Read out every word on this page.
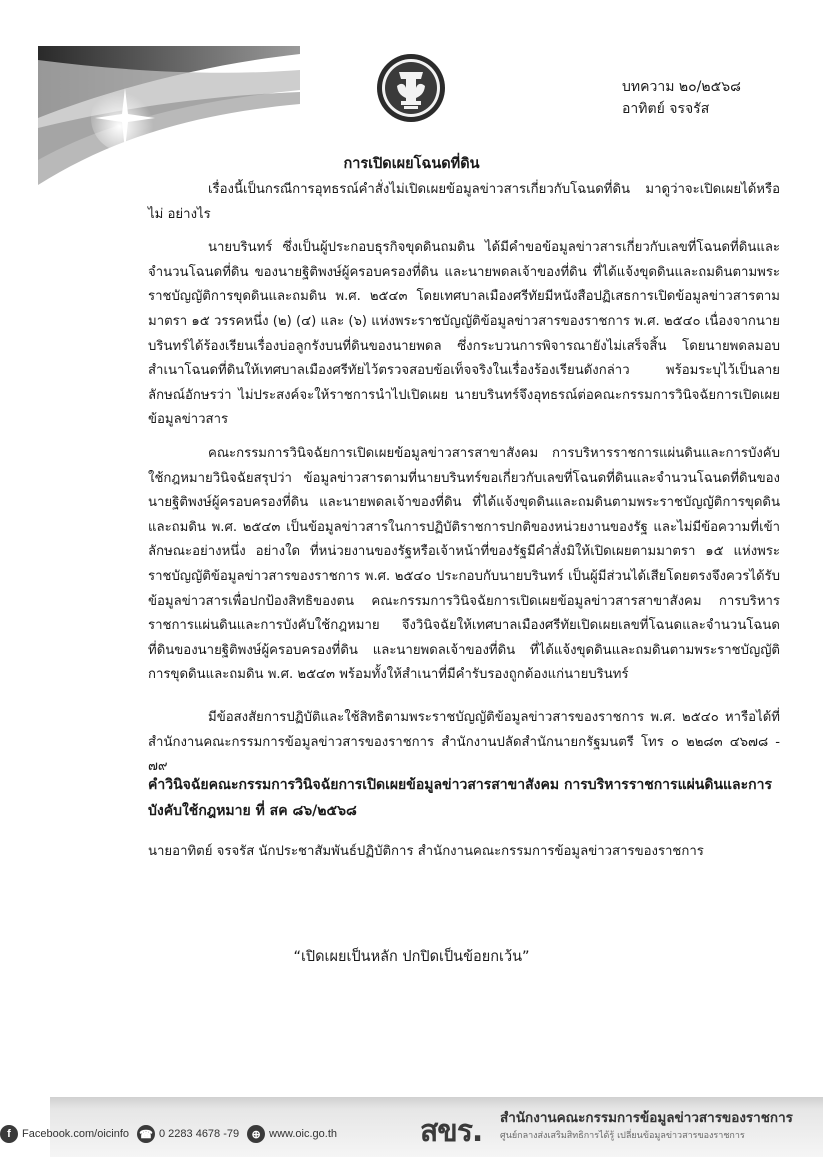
บทความ ๒๐/๒๕๖๘
อาทิตย์ จรจรัส
การเปิดเผยโฉนดที่ดิน

เรื่องนี้เป็นกรณีการอุทธรณ์คำสั่งไม่เปิดเผยข้อมูลข่าวสารเกี่ยวกับโฉนดที่ดิน มาดูว่าจะเปิดเผยได้หรือไม่ อย่างไร

นายบรินทร์ ซึ่งเป็นผู้ประกอบธุรกิจขุดดินถมดิน ได้มีคำขอข้อมูลข่าวสารเกี่ยวกับเลขที่โฉนดที่ดินและจำนวนโฉนดที่ดิน ของนายฐิติพงษ์ผู้ครอบครองที่ดิน และนายพดลเจ้าของที่ดิน ที่ได้แจ้งขุดดินและถมดินตามพระราชบัญญัติการขุดดินและถมดิน พ.ศ. ๒๕๔๓ โดยเทศบาลเมืองศรีทัยมีหนังสือปฏิเสธการเปิดข้อมูลข่าวสารตามมาตรา ๑๕ วรรคหนึ่ง (๒) (๔) และ (๖) แห่งพระราชบัญญัติข้อมูลข่าวสารของราชการ พ.ศ. ๒๕๔๐ เนื่องจากนายบรินทร์ได้ร้องเรียนเรื่องบ่อลูกรังบนที่ดินของนายพดล ซึ่งกระบวนการพิจารณายังไม่เสร็จสิ้น โดยนายพดลมอบสำเนาโฉนดที่ดินให้เทศบาลเมืองศรีทัยไว้ตรวจสอบข้อเท็จจริงในเรื่องร้องเรียนดังกล่าว พร้อมระบุไว้เป็นลายลักษณ์อักษรว่า ไม่ประสงค์จะให้ราชการนำไปเปิดเผย นายบรินทร์จึงอุทธรณ์ต่อคณะกรรมการวินิจฉัยการเปิดเผยข้อมูลข่าวสาร

คณะกรรมการวินิจฉัยการเปิดเผยข้อมูลข่าวสารสาขาสังคม การบริหารราชการแผ่นดินและการบังคับใช้กฎหมายวินิจฉัยสรุปว่า ข้อมูลข่าวสารตามที่นายบรินทร์ขอเกี่ยวกับเลขที่โฉนดที่ดินและจำนวนโฉนดที่ดินของนายฐิติพงษ์ผู้ครอบครองที่ดิน และนายพดลเจ้าของที่ดิน ที่ได้แจ้งขุดดินและถมดินตามพระราชบัญญัติการขุดดินและถมดิน พ.ศ. ๒๕๔๓ เป็นข้อมูลข่าวสารในการปฏิบัติราชการปกติของหน่วยงานของรัฐ และไม่มีข้อความที่เข้าลักษณะอย่างหนึ่ง อย่างใด ที่หน่วยงานของรัฐหรือเจ้าหน้าที่ของรัฐมีคำสั่งมิให้เปิดเผยตามมาตรา ๑๕ แห่งพระราชบัญญัติข้อมูลข่าวสารของราชการ พ.ศ. ๒๕๔๐ ประกอบกับนายบรินทร์ เป็นผู้มีส่วนได้เสียโดยตรงจึงควรได้รับข้อมูลข่าวสารเพื่อปกป้องสิทธิของตน คณะกรรมการวินิจฉัยการเปิดเผยข้อมูลข่าวสารสาขาสังคม การบริหารราชการแผ่นดินและการบังคับใช้กฎหมาย จึงวินิจฉัยให้เทศบาลเมืองศรีทัยเปิดเผยเลขที่โฉนดและจำนวนโฉนดที่ดินของนายฐิติพงษ์ผู้ครอบครองที่ดิน และนายพดลเจ้าของที่ดิน ที่ได้แจ้งขุดดินและถมดินตามพระราชบัญญัติการขุดดินและถมดิน พ.ศ. ๒๕๔๓ พร้อมทั้งให้สำเนาที่มีคำรับรองถูกต้องแก่นายบรินทร์

มีข้อสงสัยการปฏิบัติและใช้สิทธิตามพระราชบัญญัติข้อมูลข่าวสารของราชการ พ.ศ. ๒๕๔๐ หารือได้ที่ สำนักงานคณะกรรมการข้อมูลข่าวสารของราชการ สำนักงานปลัดสำนักนายกรัฐมนตรี โทร ๐ ๒๒๘๓ ๔๖๗๘ - ๗๙
คำวินิจฉัยคณะกรรมการวินิจฉัยการเปิดเผยข้อมูลข่าวสารสาขาสังคม การบริหารราชการแผ่นดินและการบังคับใช้กฎหมาย ที่ สค ๘๖/๒๕๖๘
นายอาทิตย์ จรจรัส นักประชาสัมพันธ์ปฏิบัติการ สำนักงานคณะกรรมการข้อมูลข่าวสารของราชการ
“เปิดเผยเป็นหลัก ปกปิดเป็นข้อยกเว้น”
f	Facebook.com/oicinfo ☎ 0 2283 4678 -79	⊕ www.oic.go.th	สขร. สำนักงานคณะกรรมการข้อมูลข่าวสารของราชการ
ศูนย์กลางส่งเสริมสิทธิการได้รู้ เปลี่ยนข้อมูลข่าวสารของราชการ
